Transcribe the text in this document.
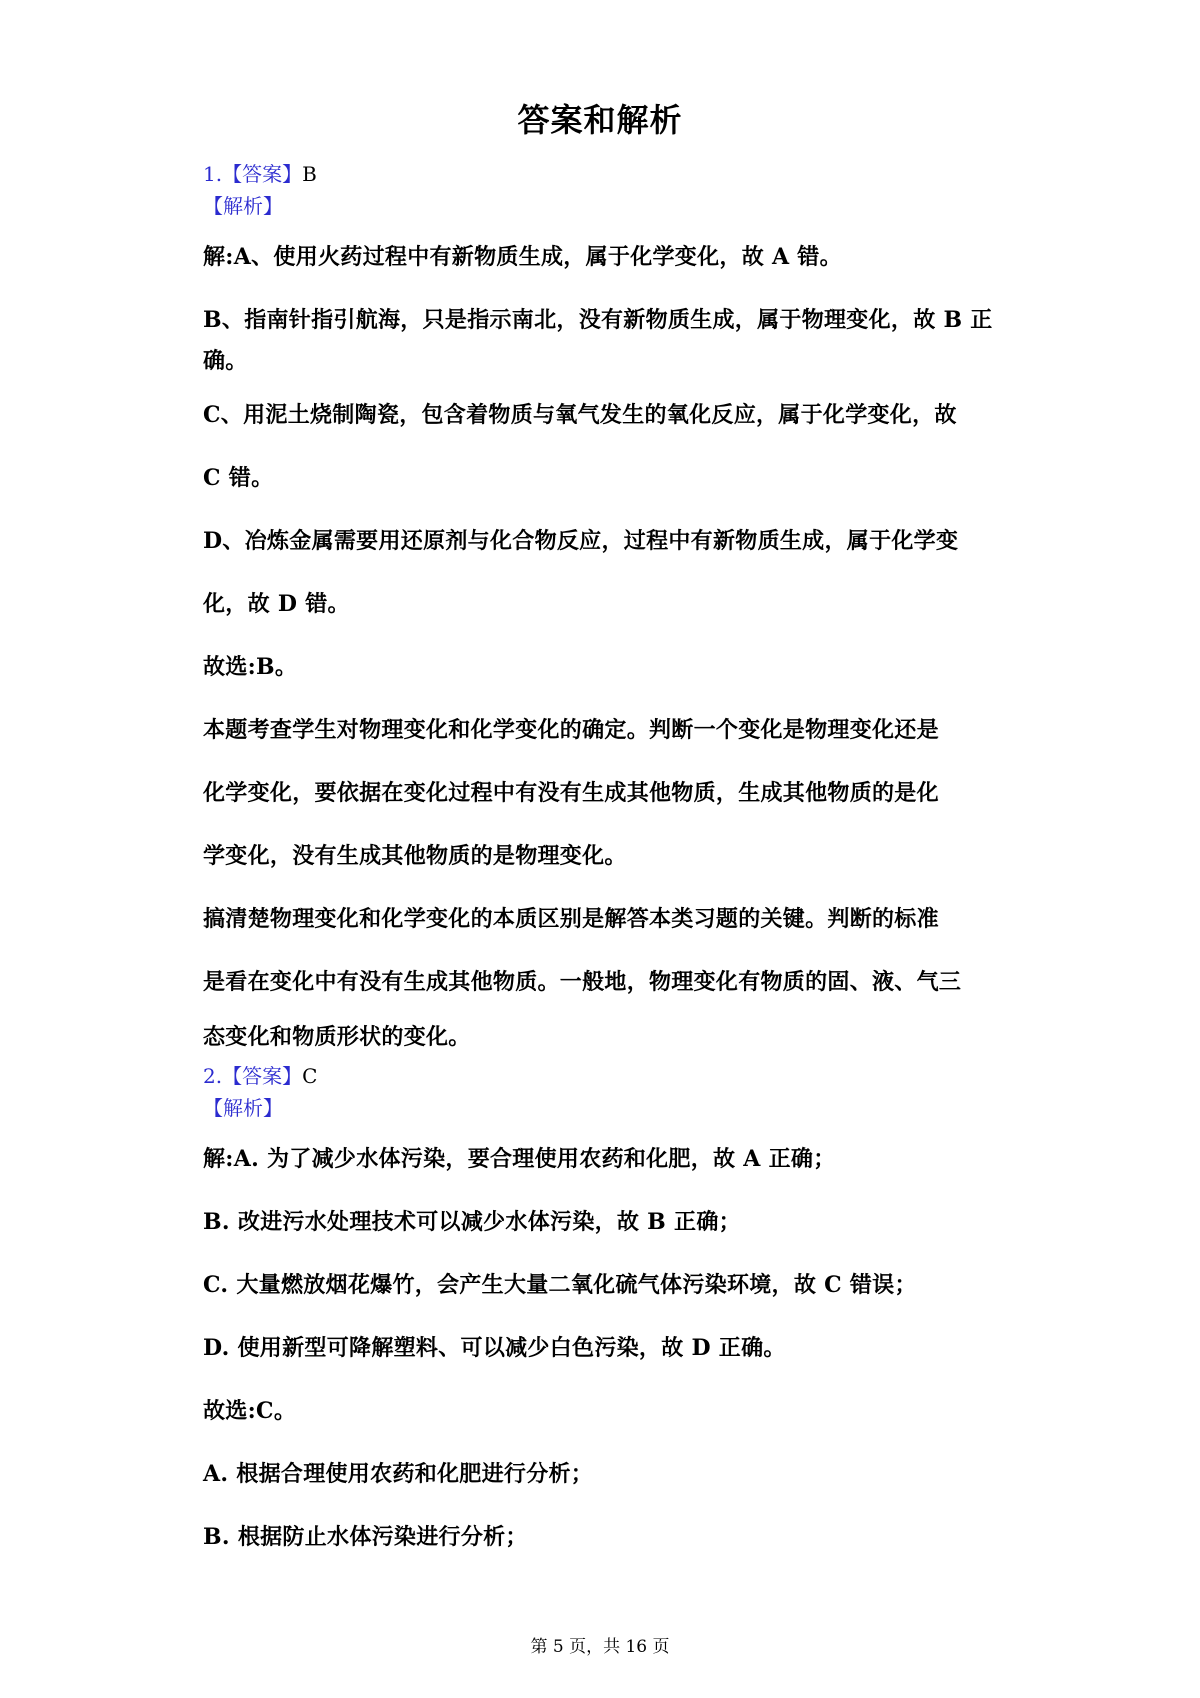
答案和解析
1.【答案】B
【解析】
解:A、使用火药过程中有新物质生成，属于化学变化，故 A 错。
B、指南针指引航海，只是指示南北，没有新物质生成，属于物理变化，故 B 正
确。
C、用泥土烧制陶瓷，包含着物质与氧气发生的氧化反应，属于化学变化，故
C 错。
D、冶炼金属需要用还原剂与化合物反应，过程中有新物质生成，属于化学变
化，故 D 错。
故选:B。
本题考查学生对物理变化和化学变化的确定。判断一个变化是物理变化还是
化学变化，要依据在变化过程中有没有生成其他物质，生成其他物质的是化
学变化，没有生成其他物质的是物理变化。
搞清楚物理变化和化学变化的本质区别是解答本类习题的关键。判断的标准
是看在变化中有没有生成其他物质。一般地，物理变化有物质的固、液、气三
态变化和物质形状的变化。
2.【答案】C
【解析】
解:A. 为了减少水体污染，要合理使用农药和化肥，故 A 正确；
B. 改进污水处理技术可以减少水体污染，故 B 正确；
C. 大量燃放烟花爆竹，会产生大量二氧化硫气体污染环境，故 C 错误；
D. 使用新型可降解塑料、可以减少白色污染，故 D 正确。
故选:C。
A. 根据合理使用农药和化肥进行分析；
B. 根据防止水体污染进行分析；
第 5 页，共 16 页
